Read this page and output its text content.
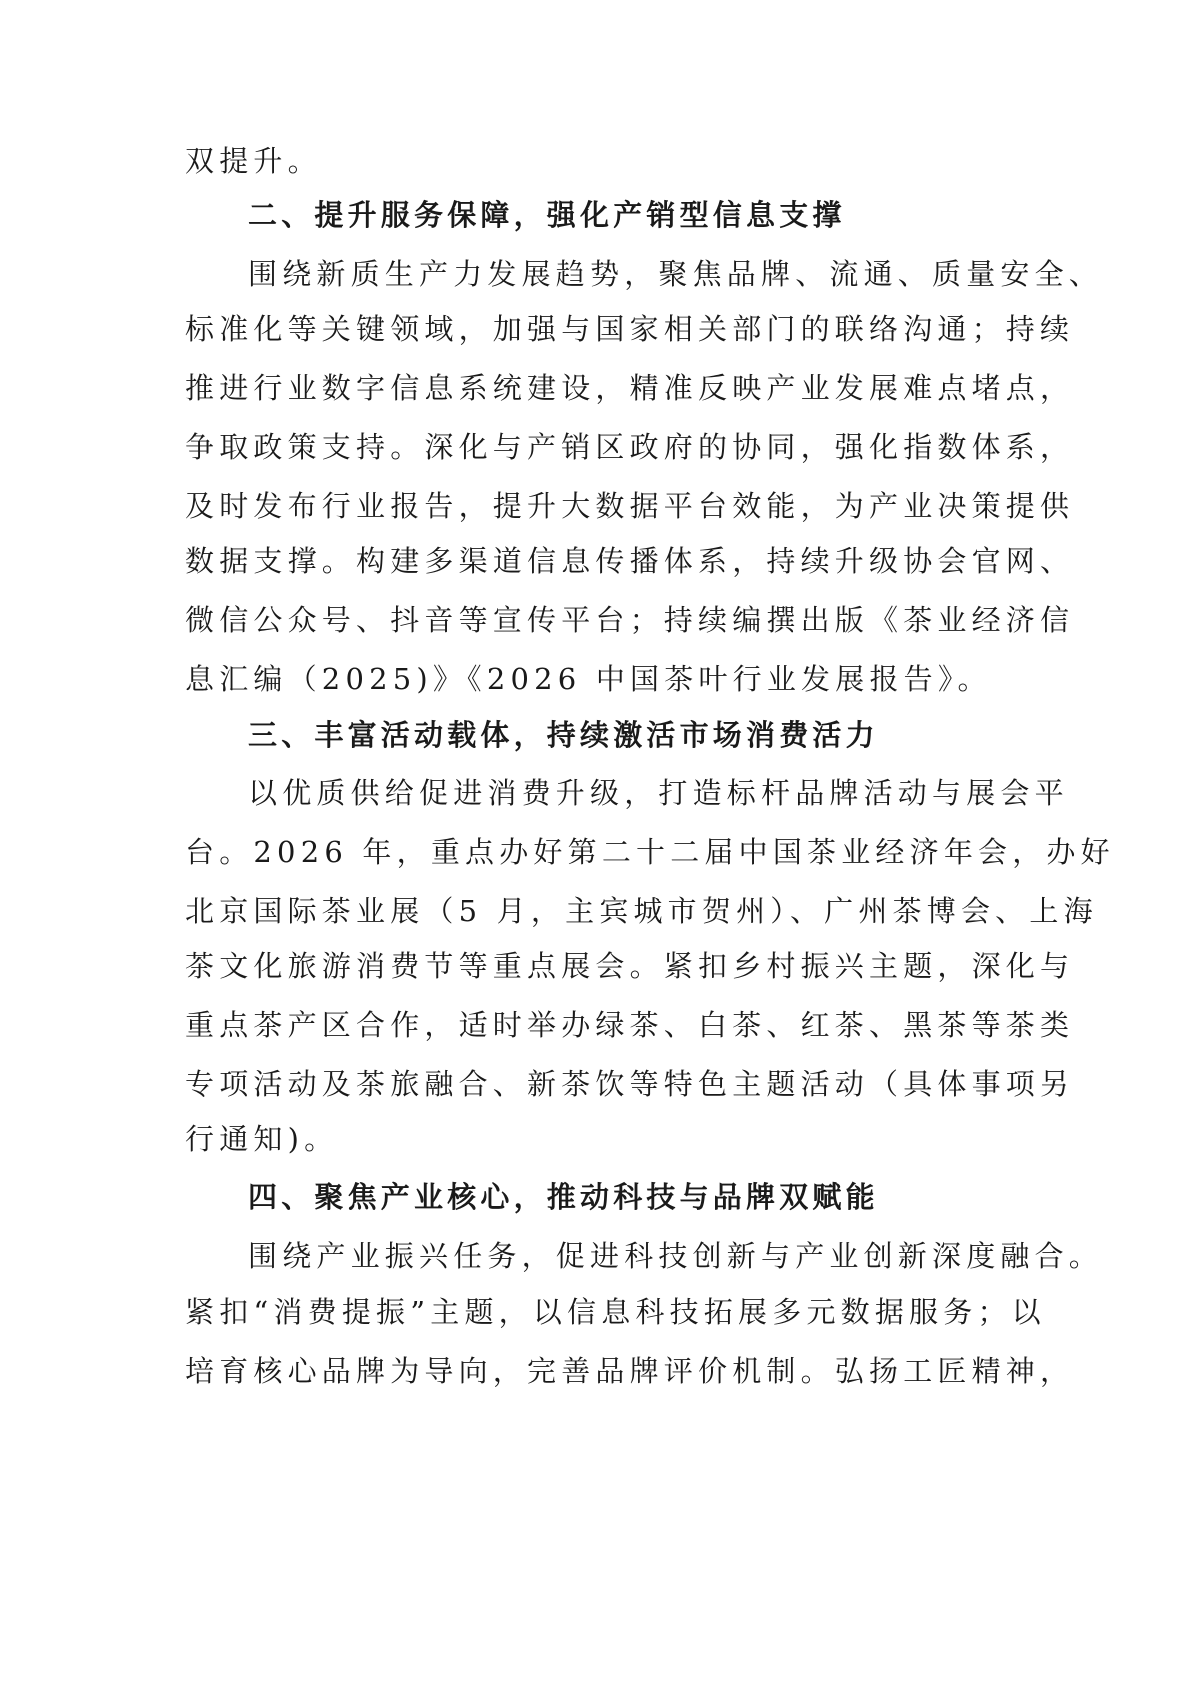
双提升。
二、提升服务保障，强化产销型信息支撑
围绕新质生产力发展趋势，聚焦品牌、流通、质量安全、
标准化等关键领域，加强与国家相关部门的联络沟通；持续
推进行业数字信息系统建设，精准反映产业发展难点堵点，
争取政策支持。深化与产销区政府的协同，强化指数体系，
及时发布行业报告，提升大数据平台效能，为产业决策提供
数据支撑。构建多渠道信息传播体系，持续升级协会官网、
微信公众号、抖音等宣传平台；持续编撰出版《茶业经济信
息汇编（2025)》《2026 中国茶叶行业发展报告》。
三、丰富活动载体，持续激活市场消费活力
以优质供给促进消费升级，打造标杆品牌活动与展会平
台。2026 年，重点办好第二十二届中国茶业经济年会，办好
北京国际茶业展（5 月，主宾城市贺州）、广州茶博会、上海
茶文化旅游消费节等重点展会。紧扣乡村振兴主题，深化与
重点茶产区合作，适时举办绿茶、白茶、红茶、黑茶等茶类
专项活动及茶旅融合、新茶饮等特色主题活动（具体事项另
行通知)。
四、聚焦产业核心，推动科技与品牌双赋能
围绕产业振兴任务，促进科技创新与产业创新深度融合。
紧扣“消费提振”主题，以信息科技拓展多元数据服务；以
培育核心品牌为导向，完善品牌评价机制。弘扬工匠精神，
